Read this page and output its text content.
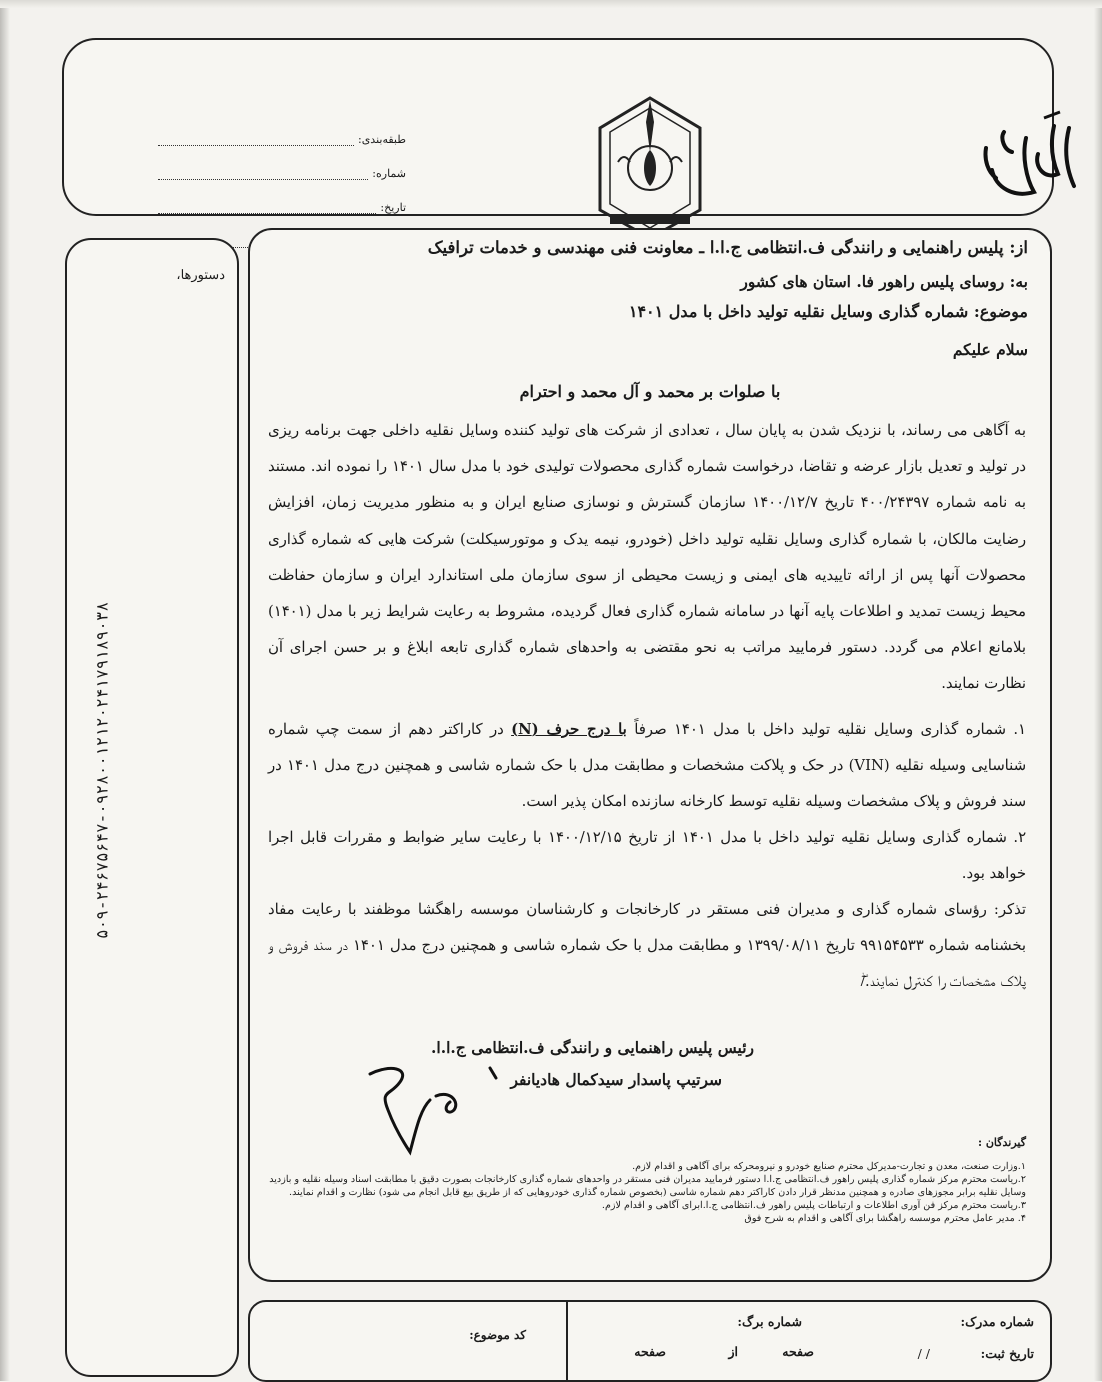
طبقه‌بندی:
شماره:
تاریخ:
دستورها،
۵۰۹-۲۴۶۷۵۶۴۷-۰۹۲۸۰۰۱۲۱۲۰۲۴۱۷۹۱۸۹۰۳۸
از: پلیس راهنمایی و رانندگی ف.انتظامی ج.ا.ا ـ معاونت فنی مهندسی و خدمات ترافیک
به: روسای پلیس راهور فا. استان های کشور
موضوع: شماره گذاری وسایل نقلیه تولید داخل با مدل ۱۴۰۱
سلام علیکم
با صلوات بر محمد و آل محمد و احترام
به آگاهی می رساند، با نزدیک شدن به پایان سال ، تعدادی از شرکت های تولید کننده وسایل نقلیه داخلی جهت برنامه ریزی در تولید و تعدیل بازار عرضه و تقاضا، درخواست شماره گذاری محصولات تولیدی خود با مدل سال ۱۴۰۱ را نموده اند. مستند به نامه شماره ۴۰۰/۲۴۳۹۷ تاریخ ۱۴۰۰/۱۲/۷ سازمان گسترش و نوسازی صنایع ایران و به منظور مدیریت زمان، افزایش رضایت مالکان، با شماره گذاری وسایل نقلیه تولید داخل (خودرو، نیمه یدک و موتورسیکلت) شرکت هایی که شماره گذاری محصولات آنها پس از ارائه تاییدیه های ایمنی و زیست محیطی از سوی سازمان ملی استاندارد ایران و سازمان حفاظت محیط زیست تمدید و اطلاعات پایه آنها در سامانه شماره گذاری فعال گردیده، مشروط به رعایت شرایط زیر با مدل (۱۴۰۱) بلامانع اعلام می گردد. دستور فرمایید مراتب به نحو مقتضی به واحدهای شماره گذاری تابعه ابلاغ و بر حسن اجرای آن نظارت نمایند.
۱. شماره گذاری وسایل نقلیه تولید داخل با مدل ۱۴۰۱ صرفاً با درج حرف (N) در کاراکتر دهم از سمت چپ شماره شناسایی وسیله نقلیه (VIN) در حک و پلاکت مشخصات و مطابقت مدل با حک شماره شاسی و همچنین درج مدل ۱۴۰۱ در سند فروش و پلاک مشخصات وسیله نقلیه توسط کارخانه سازنده امکان پذیر است.
۲. شماره گذاری وسایل نقلیه تولید داخل با مدل ۱۴۰۱ از تاریخ ۱۴۰۰/۱۲/۱۵ با رعایت سایر ضوابط و مقررات قابل اجرا خواهد بود.
تذکر: رؤسای شماره گذاری و مدیران فنی مستقر در کارخانجات و کارشناسان موسسه راهگشا موظفند با رعایت مفاد بخشنامه شماره ۹۹۱۵۴۵۳۳ تاریخ ۱۳۹۹/۰۸/۱۱ و مطابقت مدل با حک شماره شاسی و همچنین درج مدل ۱۴۰۱ در سند فروش و پلاک مشخصات را کنترل نمایند./ۖ
رئیس پلیس راهنمایی و رانندگی ف.انتظامی ج.ا.ا.
سرتیپ پاسدار سیدکمال هادیانفر
گیرندگان :
۱.وزارت صنعت، معدن و تجارت-مدیرکل محترم صنایع خودرو و نیرومحرکه برای آگاهی و اقدام لازم.
۲.ریاست محترم مرکز شماره گذاری پلیس راهور ف.انتظامی ج.ا.ا دستور فرمایید مدیران فنی مستقر در واحدهای شماره گذاری کارخانجات بصورت دقیق با مطابقت اسناد وسیله نقلیه و بازدید وسایل نقلیه برابر مجوزهای صادره و همچنین مدنظر قرار دادن کاراکتر دهم شماره شاسی (بخصوص شماره گذاری خودروهایی که از طریق بیع قابل انجام می شود) نظارت و اقدام نمایند.
۳.ریاست محترم مرکز فن آوری اطلاعات و ارتباطات پلیس راهور ف.انتظامی ج.ا.ابرای آگاهی و اقدام لازم.
۴. مدیر عامل محترم موسسه راهگشا برای آگاهی و اقدام به شرح فوق
شماره مدرک:
شماره برگ:
تاریخ ثبت:
/ /
صفحه
از
صفحه
کد موضوع:
